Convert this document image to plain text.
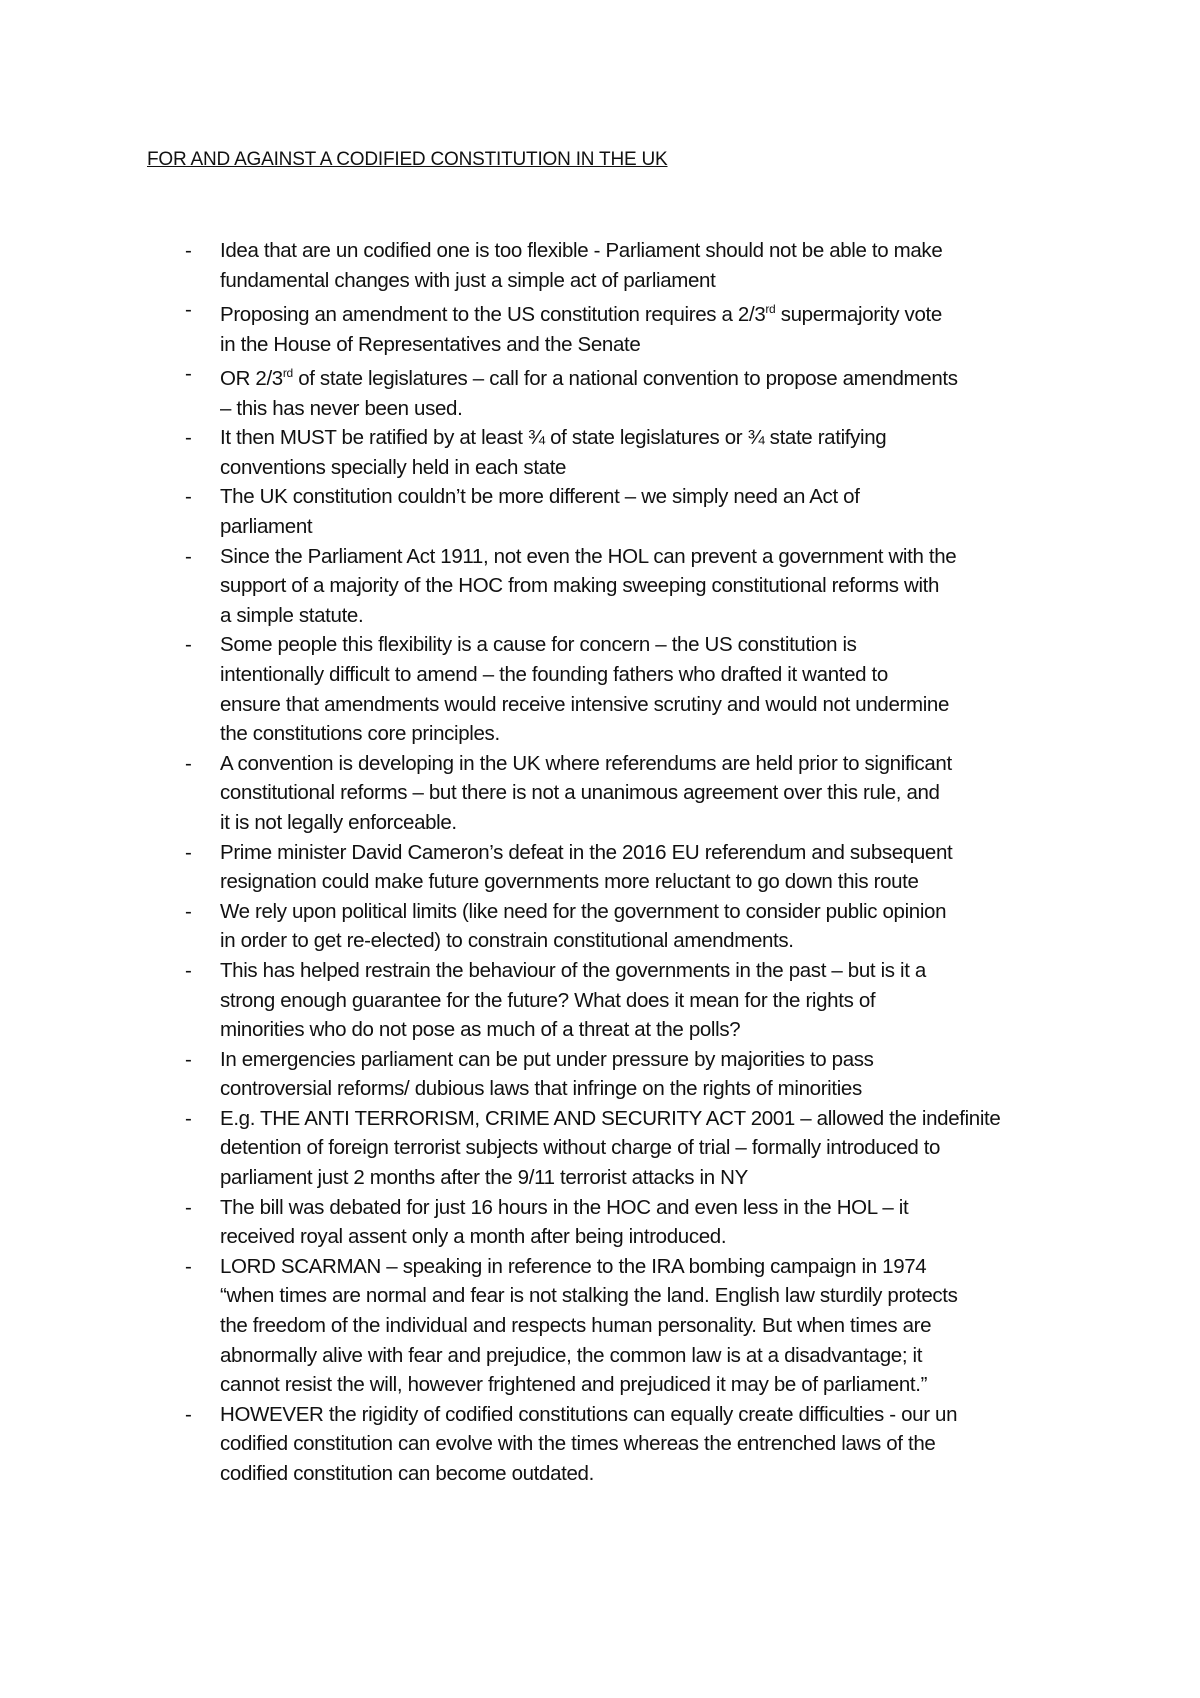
FOR AND AGAINST A CODIFIED CONSTITUTION IN THE UK
- Idea that are un codified one is too flexible - Parliament should not be able to make
fundamental changes with just a simple act of parliament
- Proposing an amendment to the US constitution requires a 2/3rd supermajority vote
in the House of Representatives and the Senate
- OR 2/3rd of state legislatures – call for a national convention to propose amendments
– this has never been used.
- It then MUST be ratified by at least ¾ of state legislatures or ¾ state ratifying
conventions specially held in each state
- The UK constitution couldn’t be more different – we simply need an Act of
parliament
- Since the Parliament Act 1911, not even the HOL can prevent a government with the
support of a majority of the HOC from making sweeping constitutional reforms with
a simple statute.
- Some people this flexibility is a cause for concern – the US constitution is
intentionally difficult to amend – the founding fathers who drafted it wanted to
ensure that amendments would receive intensive scrutiny and would not undermine
the constitutions core principles.
- A convention is developing in the UK where referendums are held prior to significant
constitutional reforms – but there is not a unanimous agreement over this rule, and
it is not legally enforceable.
- Prime minister David Cameron’s defeat in the 2016 EU referendum and subsequent
resignation could make future governments more reluctant to go down this route
- We rely upon political limits (like need for the government to consider public opinion
in order to get re-elected) to constrain constitutional amendments.
- This has helped restrain the behaviour of the governments in the past – but is it a
strong enough guarantee for the future? What does it mean for the rights of
minorities who do not pose as much of a threat at the polls?
- In emergencies parliament can be put under pressure by majorities to pass
controversial reforms/ dubious laws that infringe on the rights of minorities
- E.g. THE ANTI TERRORISM, CRIME AND SECURITY ACT 2001 – allowed the indefinite
detention of foreign terrorist subjects without charge of trial – formally introduced to
parliament just 2 months after the 9/11 terrorist attacks in NY
- The bill was debated for just 16 hours in the HOC and even less in the HOL – it
received royal assent only a month after being introduced.
- LORD SCARMAN – speaking in reference to the IRA bombing campaign in 1974
“when times are normal and fear is not stalking the land. English law sturdily protects
the freedom of the individual and respects human personality. But when times are
abnormally alive with fear and prejudice, the common law is at a disadvantage; it
cannot resist the will, however frightened and prejudiced it may be of parliament.”
- HOWEVER the rigidity of codified constitutions can equally create difficulties - our un
codified constitution can evolve with the times whereas the entrenched laws of the
codified constitution can become outdated.
